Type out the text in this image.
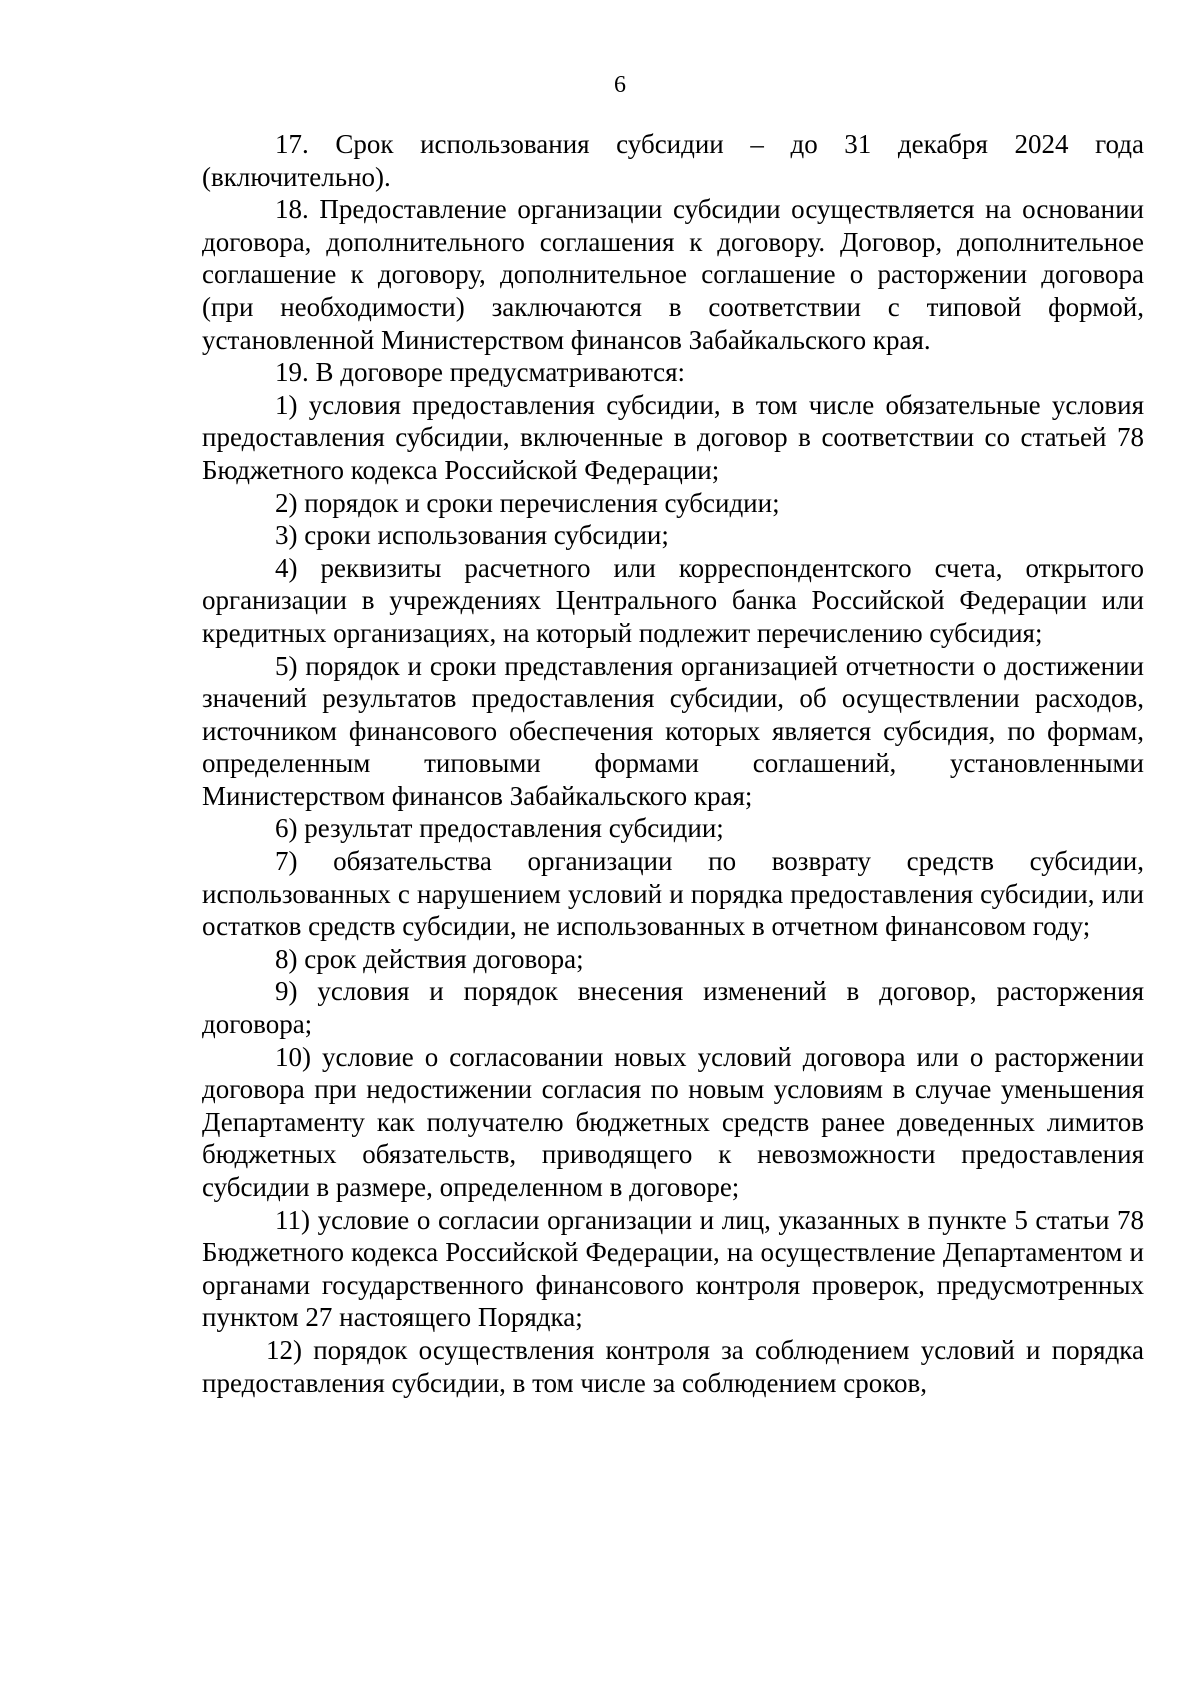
6

17. Срок использования субсидии – до 31 декабря 2024 года (включительно).

18. Предоставление организации субсидии осуществляется на основании договора, дополнительного соглашения к договору. Договор, дополнительное соглашение к договору, дополнительное соглашение о расторжении договора (при необходимости) заключаются в соответствии с типовой формой, установленной Министерством финансов Забайкальского края.

19. В договоре предусматриваются:

1) условия предоставления субсидии, в том числе обязательные условия предоставления субсидии, включенные в договор в соответствии со статьей 78 Бюджетного кодекса Российской Федерации;

2) порядок и сроки перечисления субсидии;

3) сроки использования субсидии;

4) реквизиты расчетного или корреспондентского счета, открытого организации в учреждениях Центрального банка Российской Федерации или кредитных организациях, на который подлежит перечислению субсидия;

5) порядок и сроки представления организацией отчетности о достижении значений результатов предоставления субсидии, об осуществлении расходов, источником финансового обеспечения которых является субсидия, по формам, определенным типовыми формами соглашений, установленными Министерством финансов Забайкальского края;

6) результат предоставления субсидии;

7) обязательства организации по возврату средств субсидии, использованных с нарушением условий и порядка предоставления субсидии, или остатков средств субсидии, не использованных в отчетном финансовом году;

8) срок действия договора;

9) условия и порядок внесения изменений в договор, расторжения договора;

10) условие о согласовании новых условий договора или о расторжении договора при недостижении согласия по новым условиям в случае уменьшения Департаменту как получателю бюджетных средств ранее доведенных лимитов бюджетных обязательств, приводящего к невозможности предоставления субсидии в размере, определенном в договоре;

11) условие о согласии организации и лиц, указанных в пункте 5 статьи 78 Бюджетного кодекса Российской Федерации, на осуществление Департаментом и органами государственного финансового контроля проверок, предусмотренных пунктом 27 настоящего Порядка;

12) порядок осуществления контроля за соблюдением условий и порядка предоставления субсидии, в том числе за соблюдением сроков,
